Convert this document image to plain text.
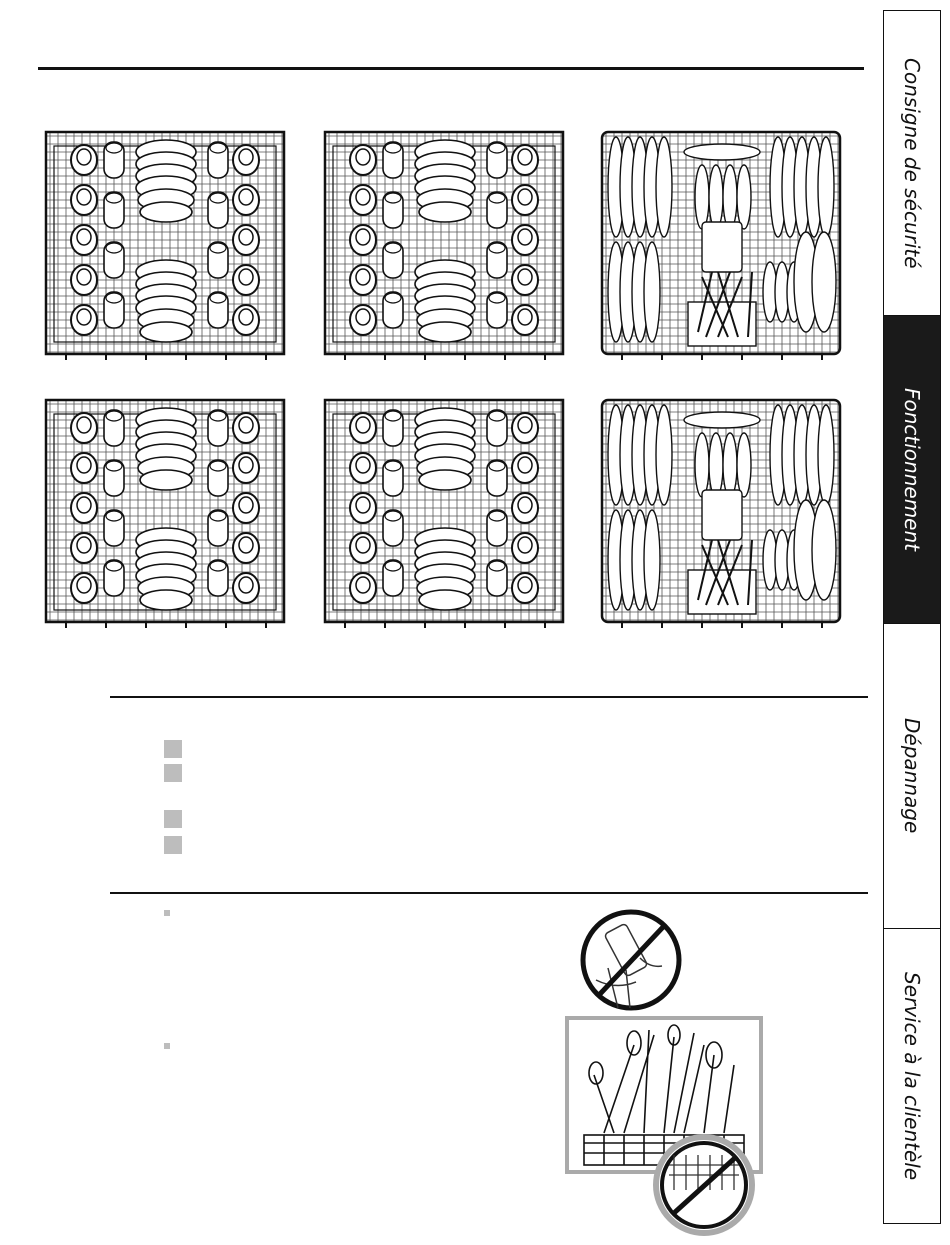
Consigne de sécurité
Fonctionnement
Dépannage
Service à la clientèle
